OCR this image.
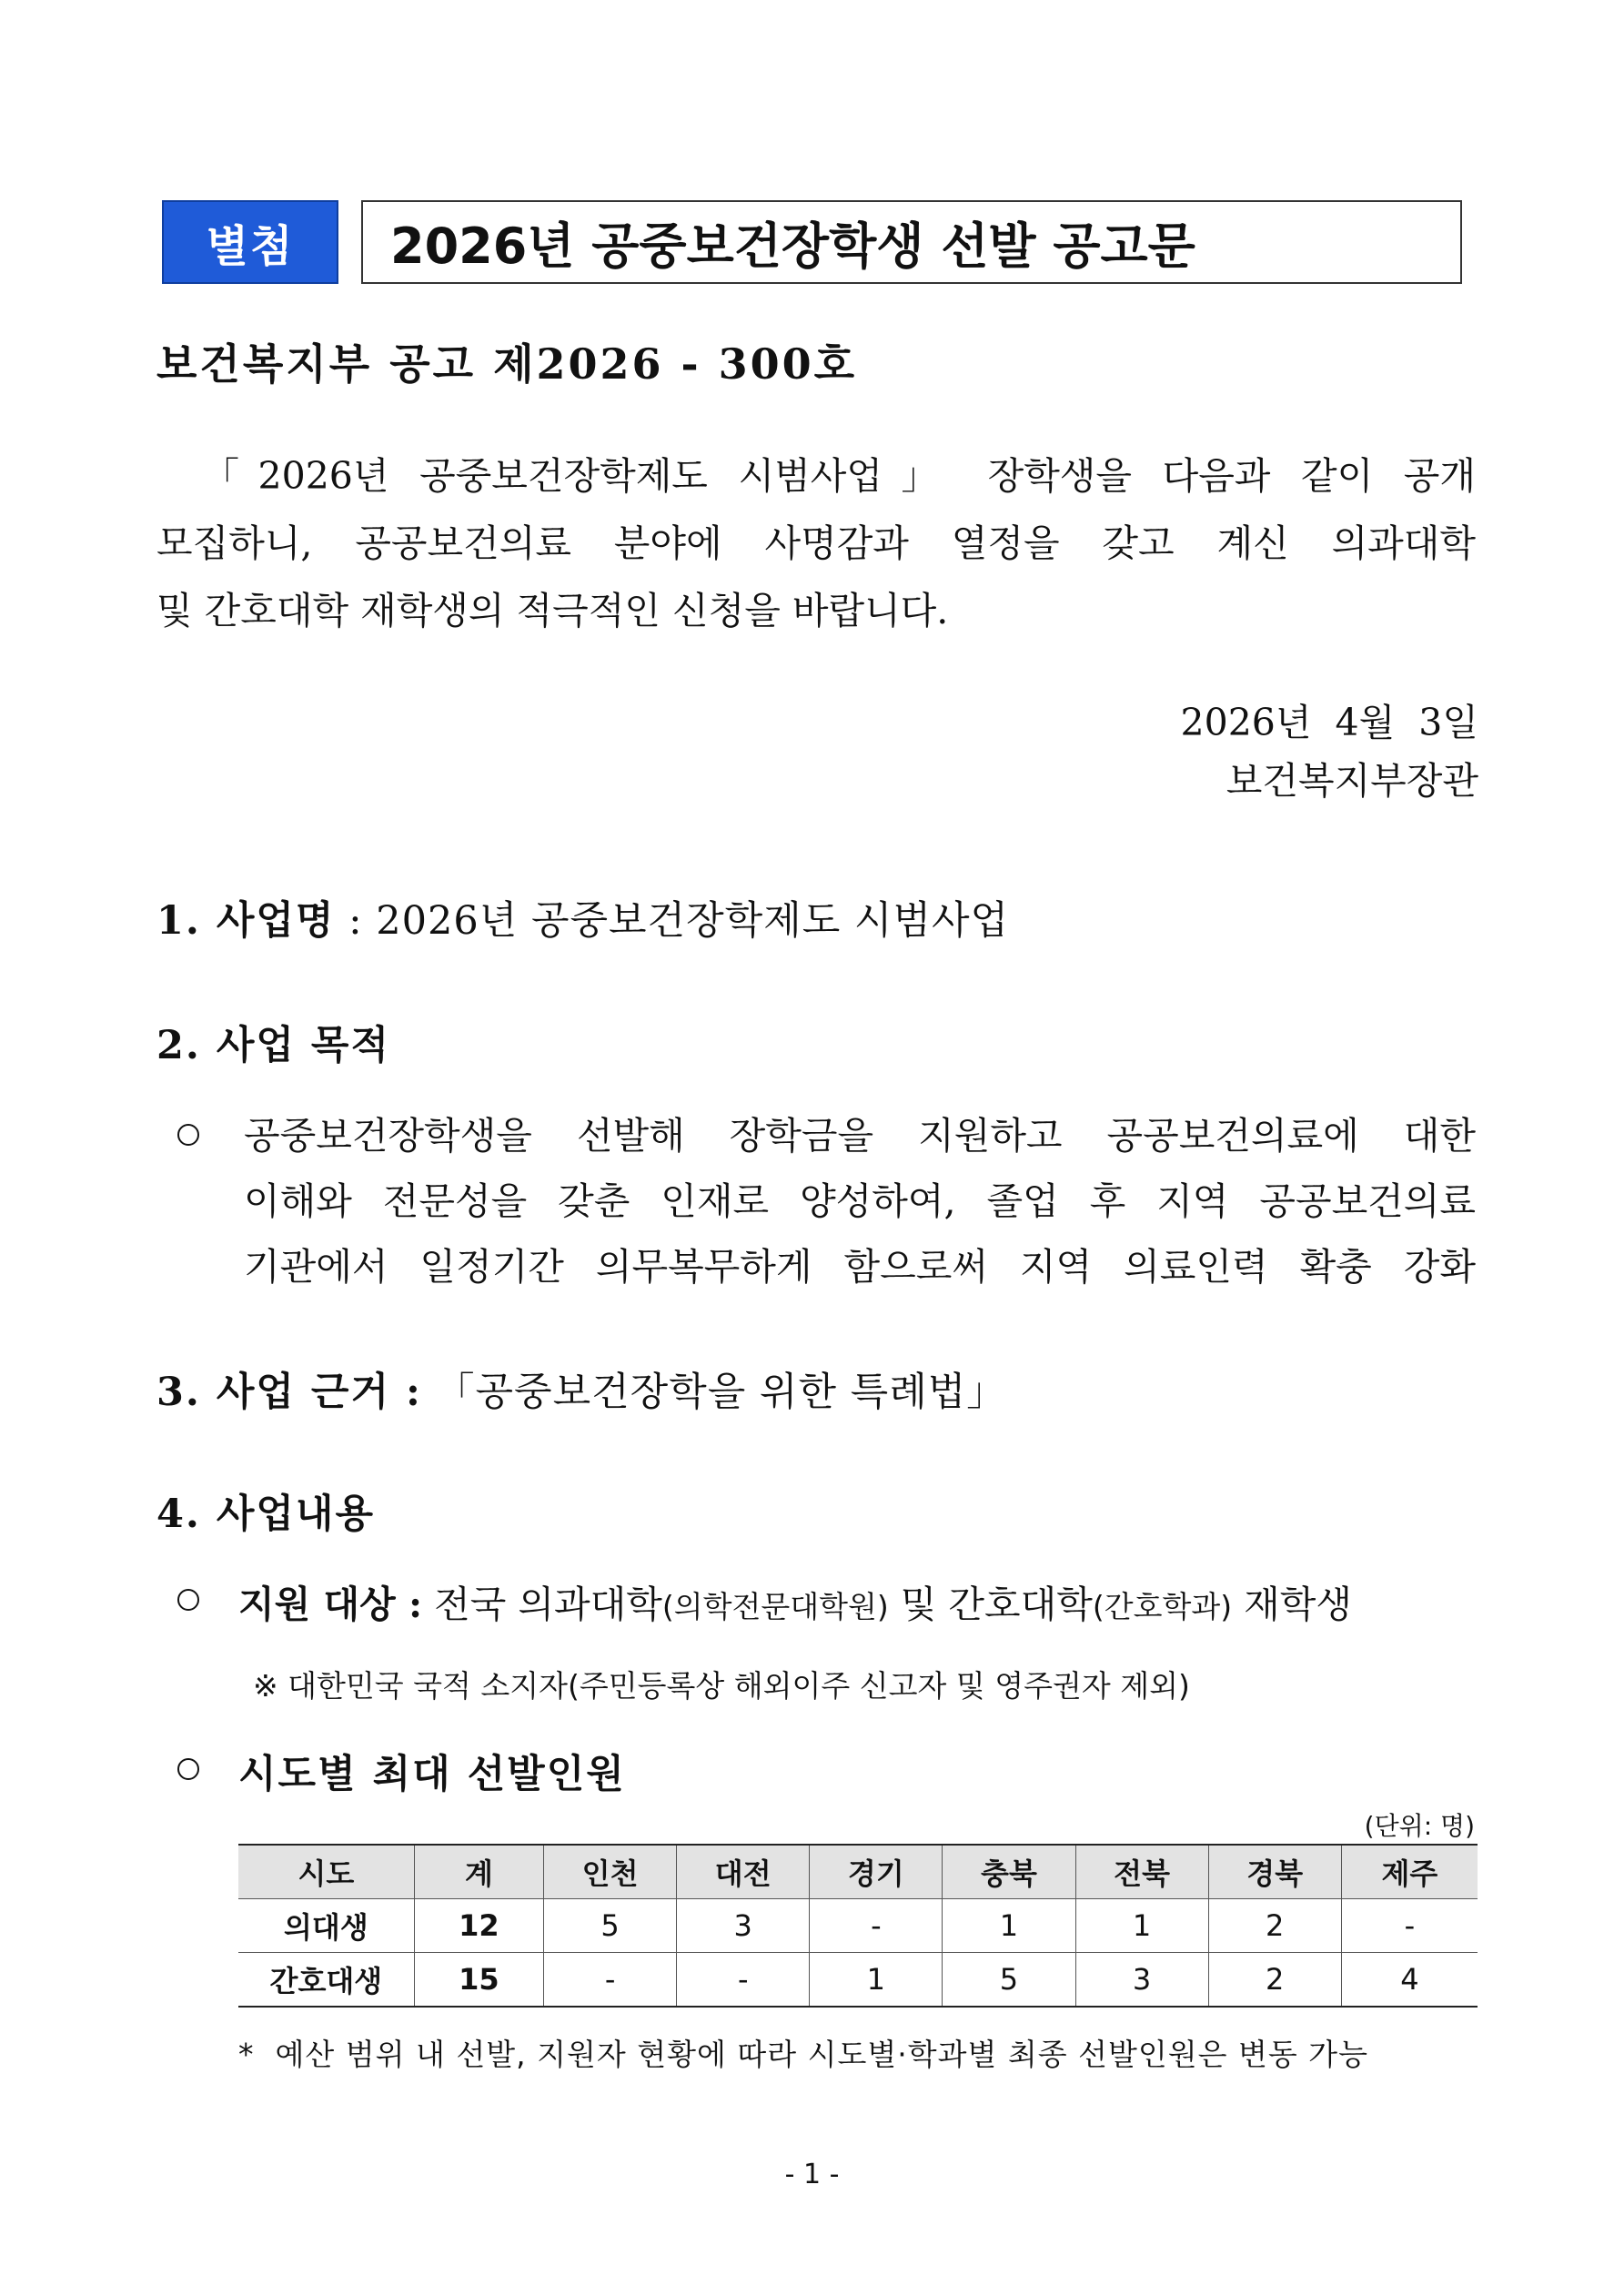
별첨	2026년 공중보건장학생 선발 공고문
보건복지부 공고 제2026 - 300호

「2026년 공중보건장학제도 시범사업」 장학생을 다음과 같이 공개

모집하니, 공공보건의료 분야에 사명감과 열정을 갖고 계신 의과대학

및 간호대학 재학생의 적극적인 신청을 바랍니다.

2026년  4월  3일
보건복지부장관
1. 사업명 : 2026년 공중보건장학제도 시범사업
2. 사업 목적

공중보건장학생을 선발해 장학금을 지원하고 공공보건의료에 대한

이해와 전문성을 갖춘 인재로 양성하여, 졸업 후 지역 공공보건의료

기관에서 일정기간 의무복무하게 함으로써 지역 의료인력 확충 강화

3. 사업 근거 : 「공중보건장학을 위한 특례법」
4. 사업내용
지원 대상 : 전국 의과대학(의학전문대학원) 및 간호대학(간호학과) 재학생
※ 대한민국 국적 소지자(주민등록상 해외이주 신고자 및 영주권자 제외)
시도별 최대 선발인원
(단위: 명)
시도	계	인천	대전	경기	충북	전북	경북	제주
의대생	12	5	3	-	1	1	2	-
간호대생	15	-	-	1	5	3	2	4
*  예산 범위 내 선발, 지원자 현황에 따라 시도별·학과별 최종 선발인원은 변동 가능
- 1 -
